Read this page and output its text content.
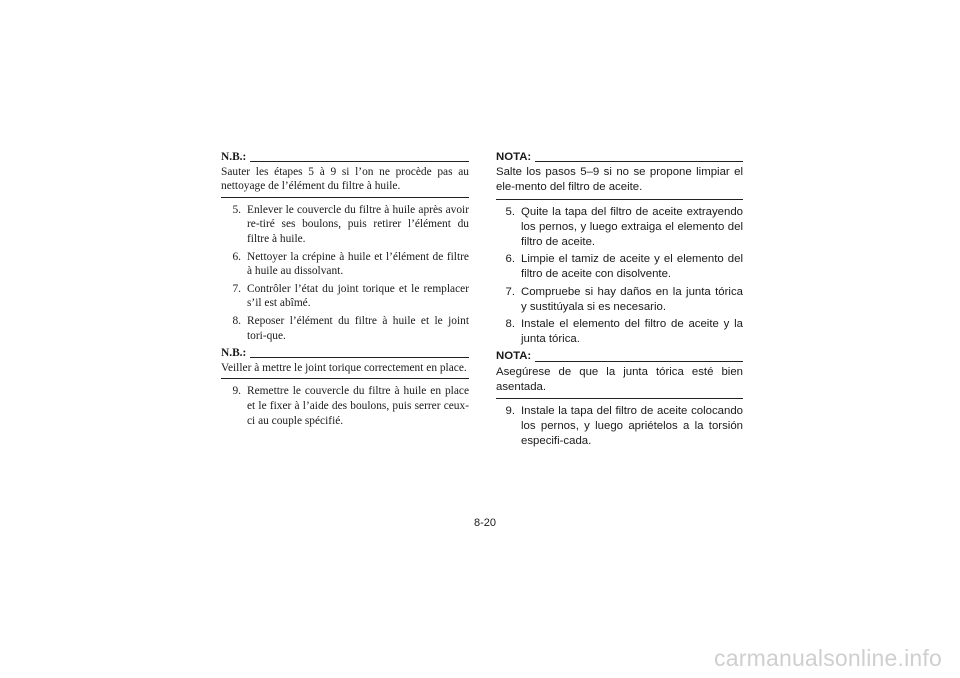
N.B.:
Sauter les étapes 5 à 9 si l’on ne procède pas au nettoyage de l’élément du filtre à huile.
5. Enlever le couvercle du filtre à huile après avoir re-tiré ses boulons, puis retirer l’élément du filtre à huile.
6. Nettoyer la crépine à huile et l’élément de filtre à huile au dissolvant.
7. Contrôler l’état du joint torique et le remplacer s’il est abîmé.
8. Reposer l’élément du filtre à huile et le joint tori-que.
N.B.:
Veiller à mettre le joint torique correctement en place.
9. Remettre le couvercle du filtre à huile en place et le fixer à l’aide des boulons, puis serrer ceux-ci au couple spécifié.
NOTA:
Salte los pasos 5–9 si no se propone limpiar el ele-mento del filtro de aceite.
5. Quite la tapa del filtro de aceite extrayendo los pernos, y luego extraiga el elemento del filtro de aceite.
6. Limpie el tamiz de aceite y el elemento del filtro de aceite con disolvente.
7. Compruebe si hay daños en la junta tórica y sustitúyala si es necesario.
8. Instale el elemento del filtro de aceite y la junta tórica.
NOTA:
Asegúrese de que la junta tórica esté bien asentada.
9. Instale la tapa del filtro de aceite colocando los pernos, y luego apriételos a la torsión especifi-cada.
8-20
carmanualsonline.info
